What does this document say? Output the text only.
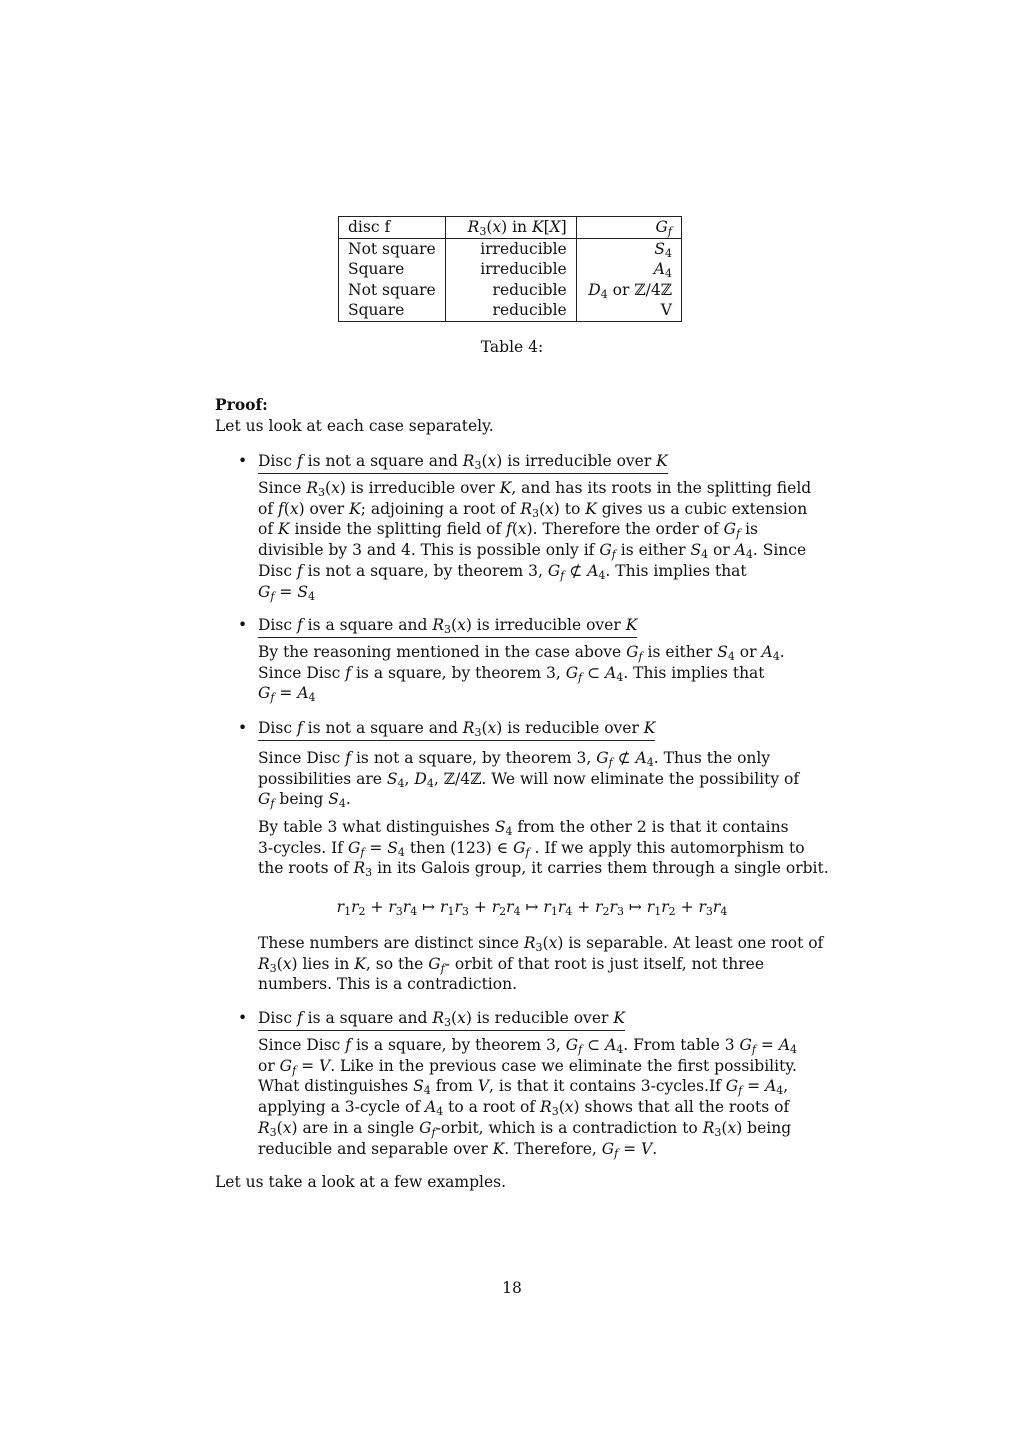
disc f	$R_3(x)$ in K[X]	$G_f$
Not square	irreducible	$S_4$
Square	irreducible	$A_4$
Not square	reducible	$D_4$ or ℤ/4ℤ
Square	reducible	V
Table 4:
Proof:
Let us look at each case separately.
• Disc f is not a square and $R_3(x)$ is irreducible over K
Since $R_3(x)$ is irreducible over K, and has its roots in the splitting field
of f(x) over K; adjoining a root of $R_3(x)$ to K gives us a cubic extension
of K inside the splitting field of f(x). Therefore the order of $G_f$ is
divisible by 3 and 4. This is possible only if $G_f$ is either $S_4$ or $A_4$. Since
Disc f is not a square, by theorem 3, $G_f$ ⊄ $A_4$. This implies that
$G_f = S_4$
• Disc f is a square and $R_3(x)$ is irreducible over K
By the reasoning mentioned in the case above $G_f$ is either $S_4$ or $A_4$.
Since Disc f is a square, by theorem 3, $G_f$ ⊂ $A_4$. This implies that
$G_f = A_4$
• Disc f is not a square and $R_3(x)$ is reducible over K
Since Disc f is not a square, by theorem 3, $G_f$ ⊄ $A_4$. Thus the only
possibilities are $S_4$, $D_4$, ℤ/4ℤ. We will now eliminate the possibility of
$G_f$ being $S_4$.
By table 3 what distinguishes $S_4$ from the other 2 is that it contains
3-cycles. If $G_f = S_4$ then (123) ∈ $G_f$ . If we apply this automorphism to
the roots of $R_3$ in its Galois group, it carries them through a single orbit.
$r_1r_2 + r_3r_4$ ↦ $r_1r_3 + r_2r_4$ ↦ $r_1r_4 + r_2r_3$ ↦ $r_1r_2 + r_3r_4$
These numbers are distinct since $R_3(x)$ is separable. At least one root of
$R_3(x)$ lies in K, so the $G_f-$ orbit of that root is just itself, not three
numbers. This is a contradiction.
• Disc f is a square and $R_3(x)$ is reducible over K
Since Disc f is a square, by theorem 3, $G_f$ ⊂ $A_4$. From table 3 $G_f = A_4$
or $G_f = V$. Like in the previous case we eliminate the first possibility.
What distinguishes $S_4$ from V, is that it contains 3-cycles.If $G_f = A_4$,
applying a 3-cycle of $A_4$ to a root of $R_3(x)$ shows that all the roots of
$R_3(x)$ are in a single $G_f$-orbit, which is a contradiction to $R_3(x)$ being
reducible and separable over K. Therefore, $G_f = V$.
Let us take a look at a few examples.
18
